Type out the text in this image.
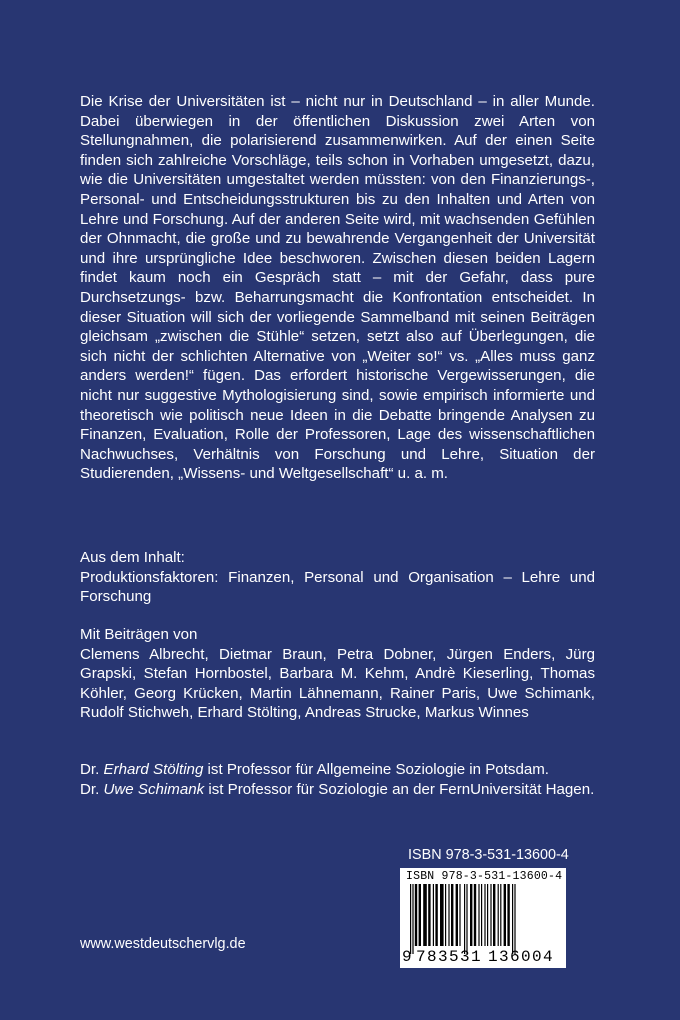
Die Krise der Universitäten ist – nicht nur in Deutschland – in aller Munde. Dabei überwiegen in der öffentlichen Diskussion zwei Arten von Stellungnahmen, die polarisierend zusammenwirken. Auf der einen Seite finden sich zahlreiche Vorschläge, teils schon in Vorhaben umgesetzt, dazu, wie die Universitäten umgestaltet werden müssten: von den Finanzierungs-, Personal- und Entscheidungsstrukturen bis zu den Inhalten und Arten von Lehre und Forschung. Auf der anderen Seite wird, mit wachsenden Gefühlen der Ohnmacht, die große und zu bewahrende Vergangenheit der Universität und ihre ursprüngliche Idee beschworen. Zwischen diesen beiden Lagern findet kaum noch ein Gespräch statt – mit der Gefahr, dass pure Durchsetzungs- bzw. Beharrungsmacht die Konfrontation entscheidet. In dieser Situation will sich der vorliegende Sammelband mit seinen Beiträgen gleichsam „zwischen die Stühle“ setzen, setzt also auf Überlegungen, die sich nicht der schlichten Alternative von „Weiter so!“ vs. „Alles muss ganz anders werden!“ fügen. Das erfordert historische Vergewisserungen, die nicht nur suggestive Mythologisierung sind, sowie empirisch informierte und theoretisch wie politisch neue Ideen in die Debatte bringende Analysen zu Finanzen, Evaluation, Rolle der Professoren, Lage des wissenschaftlichen Nachwuchses, Verhältnis von Forschung und Lehre, Situation der Studierenden, „Wissens- und Weltgesellschaft“ u. a. m.
Aus dem Inhalt:
Produktionsfaktoren: Finanzen, Personal und Organisation – Lehre und Forschung
Mit Beiträgen von
Clemens Albrecht, Dietmar Braun, Petra Dobner, Jürgen Enders, Jürg Grapski, Stefan Hornbostel, Barbara M. Kehm, Andrè Kieserling, Thomas Köhler, Georg Krücken, Martin Lähnemann, Rainer Paris, Uwe Schimank, Rudolf Stichweh, Erhard Stölting, Andreas Strucke, Markus Winnes
Dr. Erhard Stölting ist Professor für Allgemeine Soziologie in Potsdam.
Dr. Uwe Schimank ist Professor für Soziologie an der FernUniversität Hagen.
ISBN 978-3-531-13600-4
ISBN 978-3-531-13600-4
9 783531 136004
www.westdeutschervlg.de
